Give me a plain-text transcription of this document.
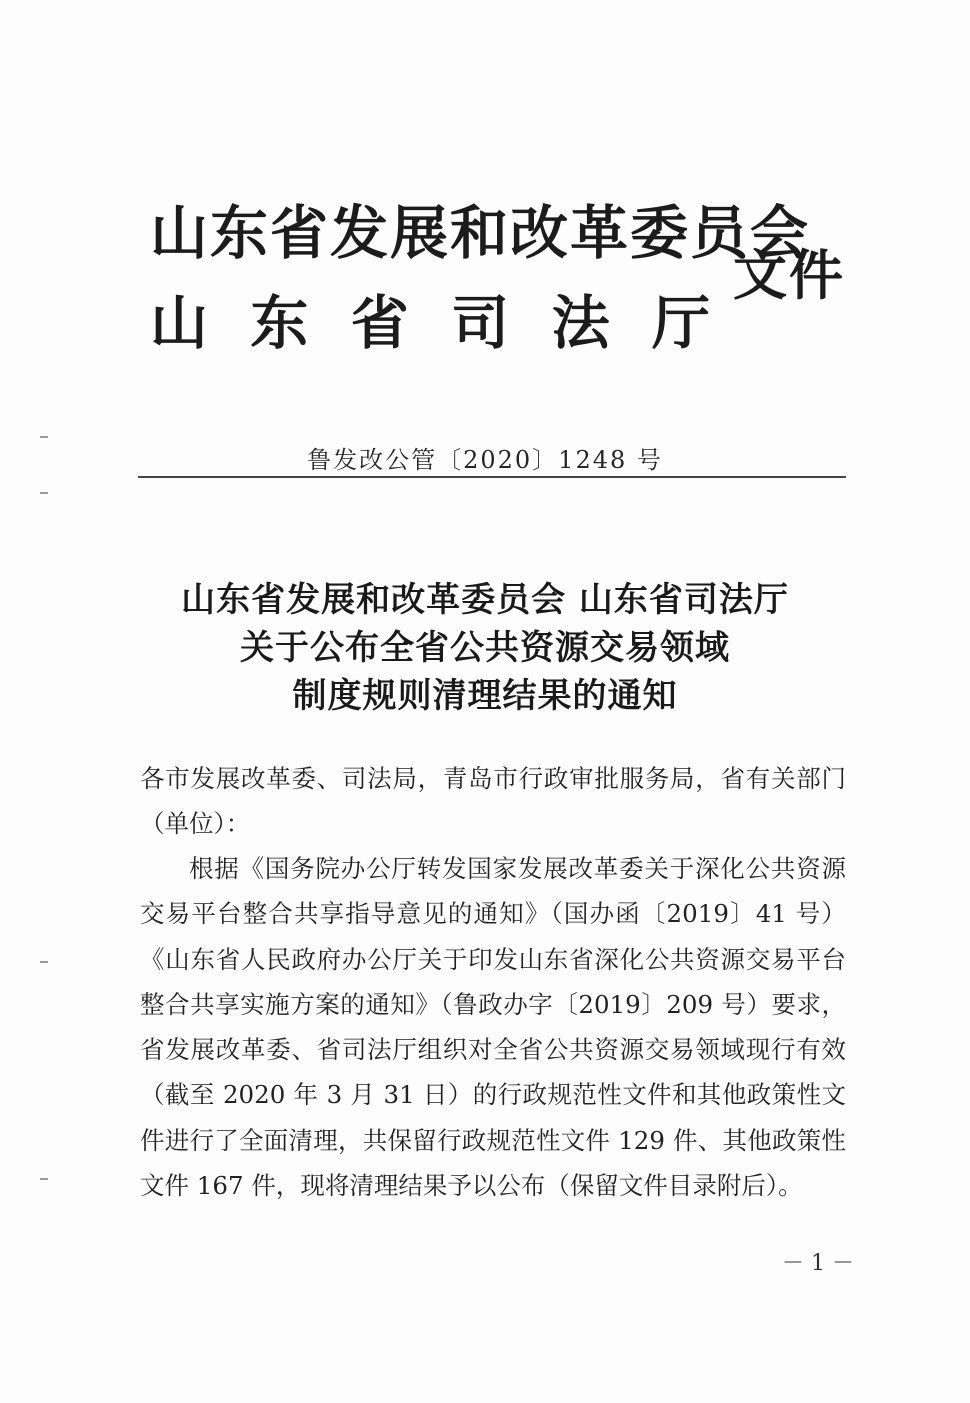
山东省发展和改革委员会
山 东 省 司 法 厅
文件
鲁发改公管〔2020〕1248 号
山东省发展和改革委员会 山东省司法厅
关于公布全省公共资源交易领域
制度规则清理结果的通知
各市发展改革委、司法局，青岛市行政审批服务局，省有关部门（单位）：
根据《国务院办公厅转发国家发展改革委关于深化公共资源交易平台整合共享指导意见的通知》（国办函〔2019〕41 号）《山东省人民政府办公厅关于印发山东省深化公共资源交易平台整合共享实施方案的通知》（鲁政办字〔2019〕209 号）要求，省发展改革委、省司法厅组织对全省公共资源交易领域现行有效（截至 2020 年 3 月 31 日）的行政规范性文件和其他政策性文件进行了全面清理，共保留行政规范性文件 129 件、其他政策性文件 167 件，现将清理结果予以公布（保留文件目录附后）。
－ 1 －
